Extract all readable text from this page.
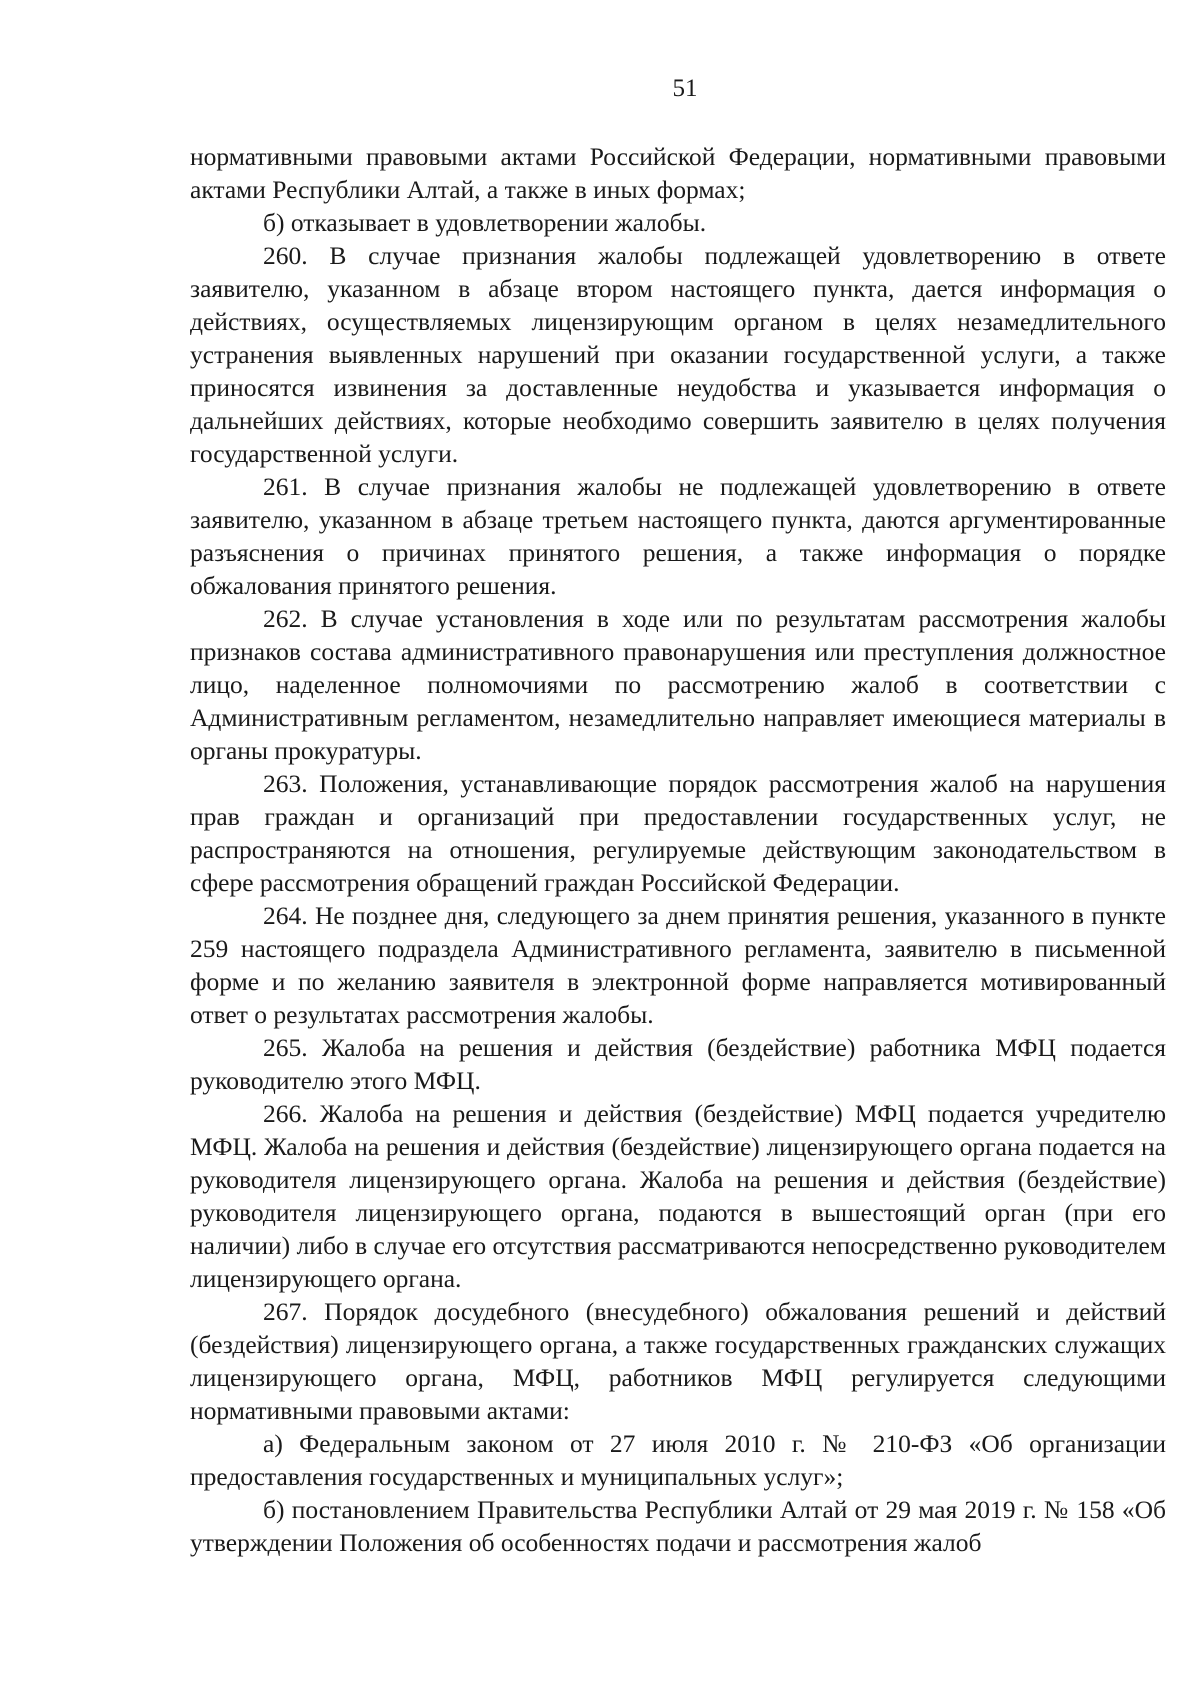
51

нормативными правовыми актами Российской Федерации, нормативными правовыми актами Республики Алтай, а также в иных формах;

б) отказывает в удовлетворении жалобы.

260. В случае признания жалобы подлежащей удовлетворению в ответе заявителю, указанном в абзаце втором настоящего пункта, дается информация о действиях, осуществляемых лицензирующим органом в целях незамедлительного устранения выявленных нарушений при оказании государственной услуги, а также приносятся извинения за доставленные неудобства и указывается информация о дальнейших действиях, которые необходимо совершить заявителю в целях получения государственной услуги.

261. В случае признания жалобы не подлежащей удовлетворению в ответе заявителю, указанном в абзаце третьем настоящего пункта, даются аргументированные разъяснения о причинах принятого решения, а также информация о порядке обжалования принятого решения.

262. В случае установления в ходе или по результатам рассмотрения жалобы признаков состава административного правонарушения или преступления должностное лицо, наделенное полномочиями по рассмотрению жалоб в соответствии с Административным регламентом, незамедлительно направляет имеющиеся материалы в органы прокуратуры.

263. Положения, устанавливающие порядок рассмотрения жалоб на нарушения прав граждан и организаций при предоставлении государственных услуг, не распространяются на отношения, регулируемые действующим законодательством в сфере рассмотрения обращений граждан Российской Федерации.

264. Не позднее дня, следующего за днем принятия решения, указанного в пункте 259 настоящего подраздела Административного регламента, заявителю в письменной форме и по желанию заявителя в электронной форме направляется мотивированный ответ о результатах рассмотрения жалобы.

265. Жалоба на решения и действия (бездействие) работника МФЦ подается руководителю этого МФЦ.

266. Жалоба на решения и действия (бездействие) МФЦ подается учредителю МФЦ. Жалоба на решения и действия (бездействие) лицензирующего органа подается на руководителя лицензирующего органа. Жалоба на решения и действия (бездействие) руководителя лицензирующего органа, подаются в вышестоящий орган (при его наличии) либо в случае его отсутствия рассматриваются непосредственно руководителем лицензирующего органа.

267. Порядок досудебного (внесудебного) обжалования решений и действий (бездействия) лицензирующего органа, а также государственных гражданских служащих лицензирующего органа, МФЦ, работников МФЦ регулируется следующими нормативными правовыми актами:

а) Федеральным законом от 27 июля 2010 г. № 210-ФЗ «Об организации предоставления государственных и муниципальных услуг»;

б) постановлением Правительства Республики Алтай от 29 мая 2019 г. № 158 «Об утверждении Положения об особенностях подачи и рассмотрения жалоб
